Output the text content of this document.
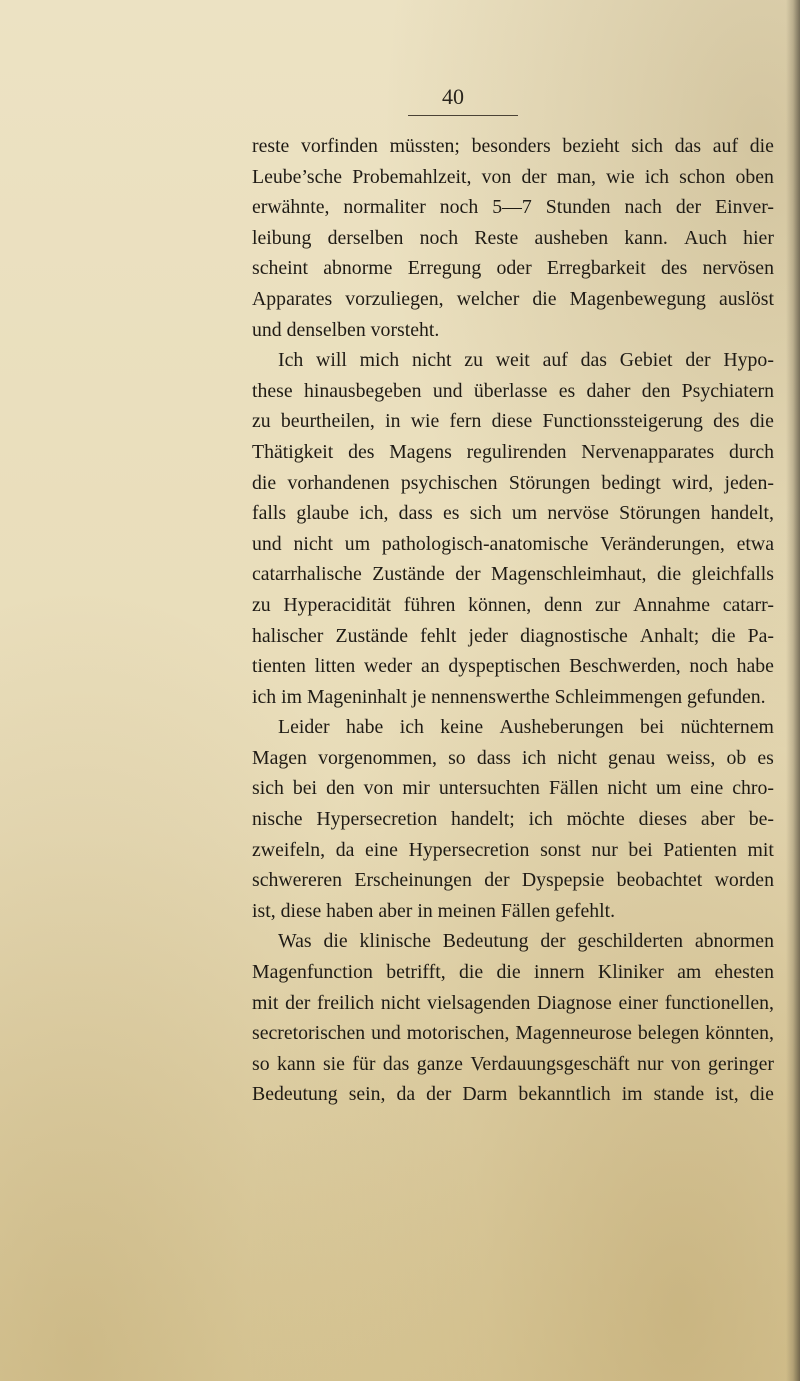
40
reste vorfinden müssten; besonders bezieht sich das auf die
Leube’sche Probemahlzeit, von der man, wie ich schon oben
erwähnte, normaliter noch 5—7 Stunden nach der Einver-
leibung derselben noch Reste ausheben kann. Auch hier
scheint abnorme Erregung oder Erregbarkeit des nervösen
Apparates vorzuliegen, welcher die Magenbewegung auslöst
und denselben vorsteht.
Ich will mich nicht zu weit auf das Gebiet der Hypo-
these hinausbegeben und überlasse es daher den Psychiatern
zu beurtheilen, in wie fern diese Functionssteigerung des die
Thätigkeit des Magens regulirenden Nervenapparates durch
die vorhandenen psychischen Störungen bedingt wird, jeden-
falls glaube ich, dass es sich um nervöse Störungen handelt,
und nicht um pathologisch-anatomische Veränderungen, etwa
catarrhalische Zustände der Magenschleimhaut, die gleichfalls
zu Hyperacidität führen können, denn zur Annahme catarr-
halischer Zustände fehlt jeder diagnostische Anhalt; die Pa-
tienten litten weder an dyspeptischen Beschwerden, noch habe
ich im Mageninhalt je nennenswerthe Schleimmengen gefunden.
Leider habe ich keine Ausheberungen bei nüchternem
Magen vorgenommen, so dass ich nicht genau weiss, ob es
sich bei den von mir untersuchten Fällen nicht um eine chro-
nische Hypersecretion handelt; ich möchte dieses aber be-
zweifeln, da eine Hypersecretion sonst nur bei Patienten mit
schwereren Erscheinungen der Dyspepsie beobachtet worden
ist, diese haben aber in meinen Fällen gefehlt.
Was die klinische Bedeutung der geschilderten abnormen
Magenfunction betrifft, die die innern Kliniker am ehesten
mit der freilich nicht vielsagenden Diagnose einer functionellen,
secretorischen und motorischen, Magenneurose belegen könnten,
so kann sie für das ganze Verdauungsgeschäft nur von geringer
Bedeutung sein, da der Darm bekanntlich im stande ist, die
